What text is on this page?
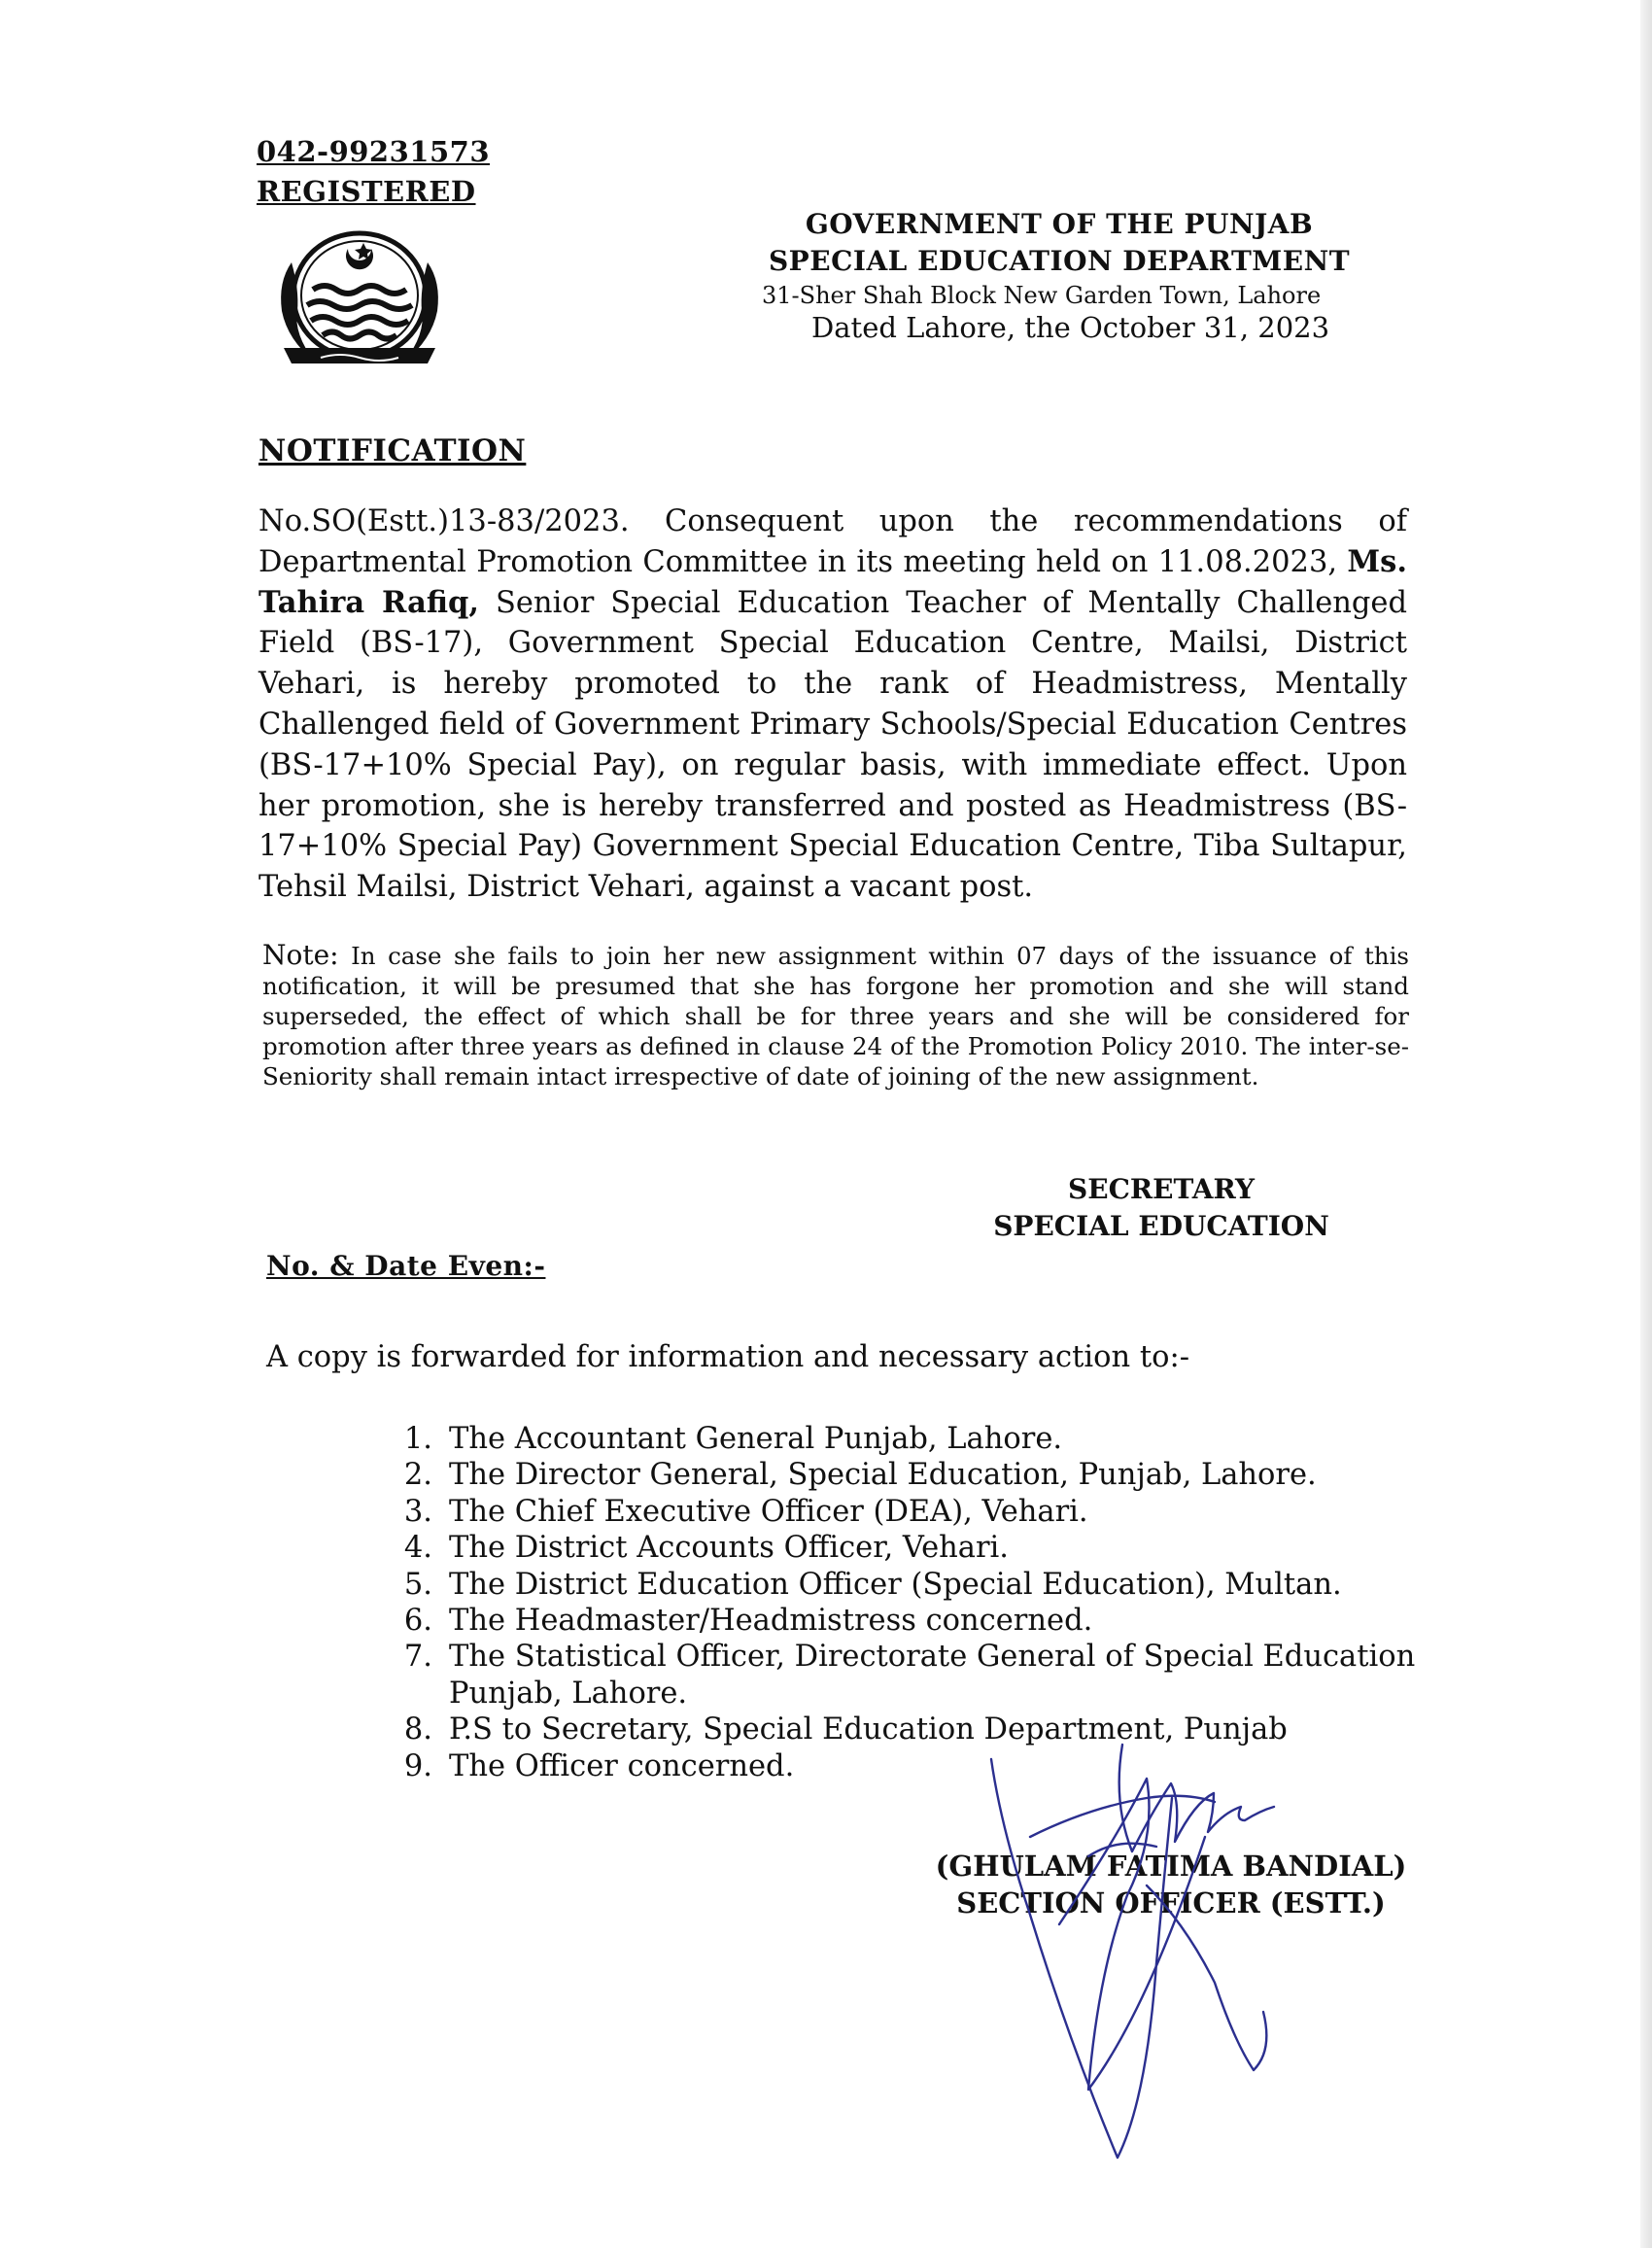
042-99231573
REGISTERED
GOVERNMENT OF THE PUNJAB
SPECIAL EDUCATION DEPARTMENT
31-Sher Shah Block New Garden Town, Lahore
Dated Lahore, the October 31, 2023
NOTIFICATION
No.SO(Estt.)13-83/2023. Consequent upon the recommendations of Departmental Promotion Committee in its meeting held on 11.08.2023, Ms. Tahira Rafiq, Senior Special Education Teacher of Mentally Challenged Field (BS-17), Government Special Education Centre, Mailsi, District Vehari, is hereby promoted to the rank of Headmistress, Mentally Challenged field of Government Primary Schools/Special Education Centres (BS-17+10% Special Pay), on regular basis, with immediate effect. Upon her promotion, she is hereby transferred and posted as Headmistress (BS-17+10% Special Pay) Government Special Education Centre, Tiba Sultapur, Tehsil Mailsi, District Vehari, against a vacant post.
Note: In case she fails to join her new assignment within 07 days of the issuance of this notification, it will be presumed that she has forgone her promotion and she will stand superseded, the effect of which shall be for three years and she will be considered for promotion after three years as defined in clause 24 of the Promotion Policy 2010. The inter-se-Seniority shall remain intact irrespective of date of joining of the new assignment.
SECRETARY
SPECIAL EDUCATION
No. & Date Even:-
A copy is forwarded for information and necessary action to:-
1. The Accountant General Punjab, Lahore.
2. The Director General, Special Education, Punjab, Lahore.
3. The Chief Executive Officer (DEA), Vehari.
4. The District Accounts Officer, Vehari.
5. The District Education Officer (Special Education), Multan.
6. The Headmaster/Headmistress concerned.
7. The Statistical Officer, Directorate General of Special Education Punjab, Lahore.
8. P.S to Secretary, Special Education Department, Punjab
9. The Officer concerned.
(GHULAM FATIMA BANDIAL)
SECTION OFFICER (ESTT.)
